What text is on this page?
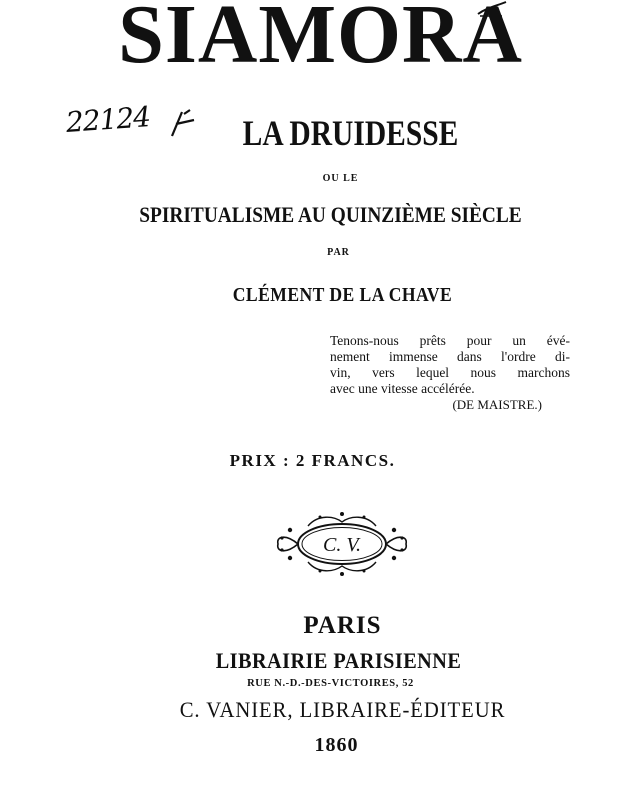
SIAMORA
22124	LA DRUIDESSE
OU LE
SPIRITUALISME AU QUINZIÈME SIÈCLE
PAR
CLÉMENT DE LA CHAVE
Tenons-nous prêts pour un évé-
nement immense dans l'ordre di-
vin, vers lequel nous marchons
avec une vitesse accélérée.
(DE MAISTRE.)
PRIX : 2 FRANCS.
C. V.
PARIS
LIBRAIRIE PARISIENNE
RUE N.-D.-DES-VICTOIRES, 52
C. VANIER, LIBRAIRE-ÉDITEUR
1860
